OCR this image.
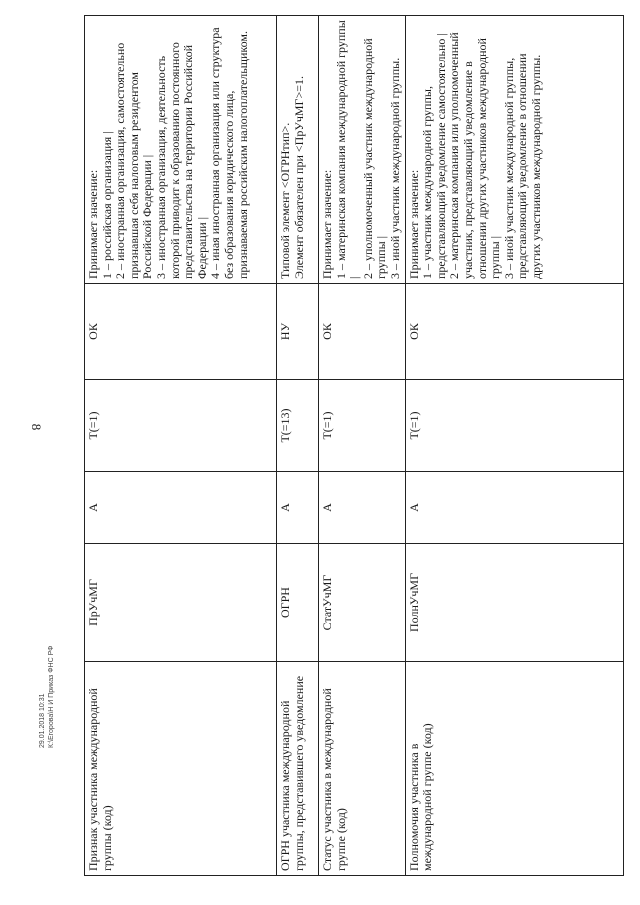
8
29.01.2018 10:31 К:\Егорова\Н И Приказ ФНС РФ	Признак участника международной группы (код)	ПрУчМГ	А	Т(=1)	ОК	Принимает значение: 1 – российская организация | 2 – иностранная организация, самостоятельно признавшая себя налоговым резидентом Российской Федерации | 3 – иностранная организация, деятельность которой приводит к образованию постоянного представительства на территории Российской Федерации | 4 – иная иностранная организация или структура без образования юридического лица, признаваемая российским налогоплательщиком.

ОГРН участника международной группы, представившего уведомление	ОГРН	А	Т(=13)	НУ	Типовой элемент <ОГРНтип>. Элемент обязателен при <ПрУчМГ>=1.

Статус участника в международной группе (код)	СтатУчМГ	А	Т(=1)	ОК	Принимает значение: 1 – материнская компания международной группы | 2 – уполномоченный участник международной группы | 3 – иной участник международной группы.

Полномочия участника в международной группе (код)	ПолнУчМГ	А	Т(=1)	ОК	Принимает значение: 1 – участник международной группы, представляющий уведомление самостоятельно | 2 – материнская компания или уполномоченный участник, представляющий уведомление в отношении других участников международной группы | 3 – иной участник международной группы, представляющий уведомление в отношении других участников международной группы.
